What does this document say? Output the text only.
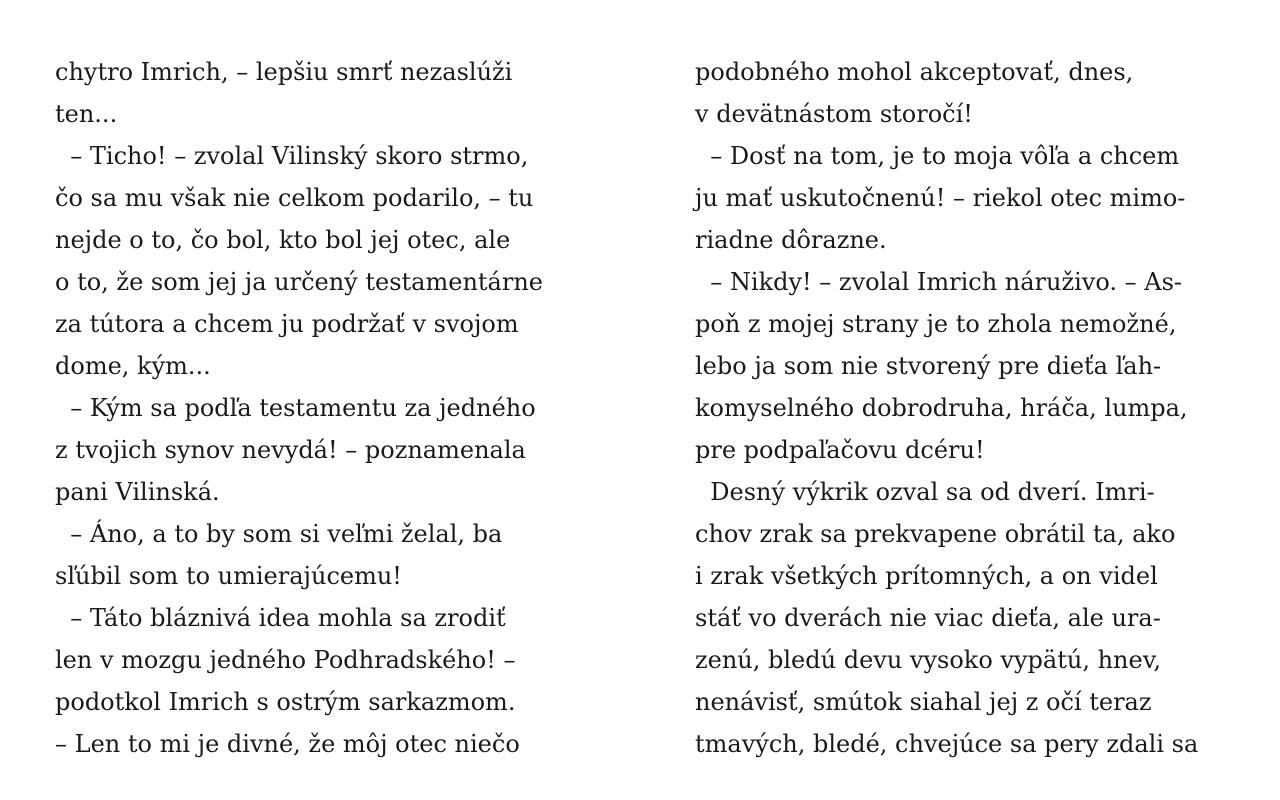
chytro Imrich, – lepšiu smrť nezaslúži
ten...
– Ticho! – zvolal Vilinský skoro strmo,
čo sa mu však nie celkom podarilo, – tu
nejde o to, čo bol, kto bol jej otec, ale
o to, že som jej ja určený testamentárne
za tútora a chcem ju podržať v svojom
dome, kým...
– Kým sa podľa testamentu za jedného
z tvojich synov nevydá! – poznamenala
pani Vilinská.
– Áno, a to by som si veľmi želal, ba
sľúbil som to umierajúcemu!
– Táto bláznivá idea mohla sa zrodiť
len v mozgu jedného Podhradského! –
podotkol Imrich s ostrým sarkazmom.
– Len to mi je divné, že môj otec niečo
podobného mohol akceptovať, dnes,
v devätnástom storočí!
– Dosť na tom, je to moja vôľa a chcem
ju mať uskutočnenú! – riekol otec mimo-
riadne dôrazne.
– Nikdy! – zvolal Imrich náruživo. – As-
poň z mojej strany je to zhola nemožné,
lebo ja som nie stvorený pre dieťa ľah-
komyselného dobrodruha, hráča, lumpa,
pre podpaľačovu dcéru!
Desný výkrik ozval sa od dverí. Imri-
chov zrak sa prekvapene obrátil ta, ako
i zrak všetkých prítomných, a on videl
stáť vo dverách nie viac dieťa, ale ura-
zenú, bledú devu vysoko vypätú, hnev,
nenávisť, smútok siahal jej z očí teraz
tmavých, bledé, chvejúce sa pery zdali sa
